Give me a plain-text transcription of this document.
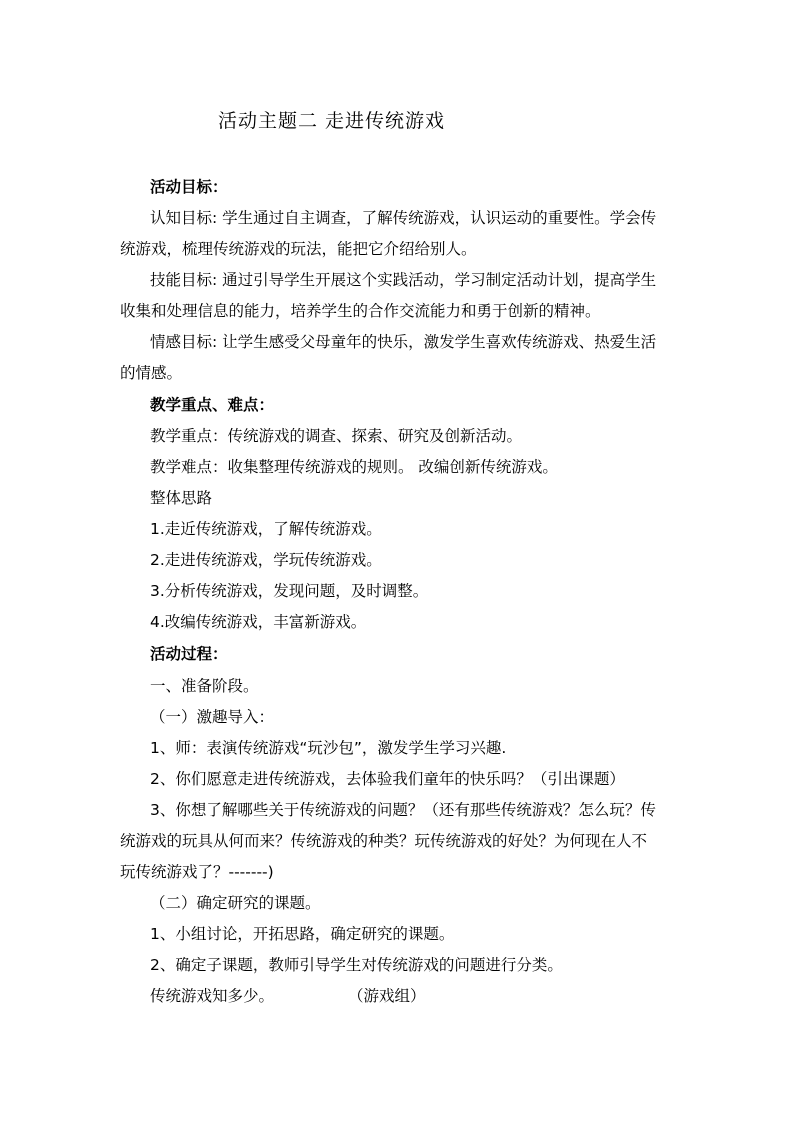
活动主题二 走进传统游戏
活动目标：
认知目标: 学生通过自主调查，了解传统游戏，认识运动的重要性。学会传
统游戏，梳理传统游戏的玩法，能把它介绍给别人。
技能目标: 通过引导学生开展这个实践活动，学习制定活动计划，提高学生
收集和处理信息的能力，培养学生的合作交流能力和勇于创新的精神。
情感目标: 让学生感受父母童年的快乐，激发学生喜欢传统游戏、热爱生活
的情感。
教学重点、难点：
教学重点：传统游戏的调查、探索、研究及创新活动。
教学难点：收集整理传统游戏的规则。 改编创新传统游戏。
整体思路
1.走近传统游戏，了解传统游戏。
2.走进传统游戏，学玩传统游戏。
3.分析传统游戏，发现问题，及时调整。
4.改编传统游戏，丰富新游戏。
活动过程：
一、准备阶段。
（一）激趣导入：
1、师：表演传统游戏“玩沙包”，激发学生学习兴趣.
2、你们愿意走进传统游戏，去体验我们童年的快乐吗？（引出课题）
3、你想了解哪些关于传统游戏的问题？（还有那些传统游戏？怎么玩？传
统游戏的玩具从何而来？传统游戏的种类？玩传统游戏的好处？为何现在人不
玩传统游戏了？-------)
（二）确定研究的课题。
1、小组讨论，开拓思路，确定研究的课题。
2、确定子课题，教师引导学生对传统游戏的问题进行分类。
传统游戏知多少。	（游戏组）
